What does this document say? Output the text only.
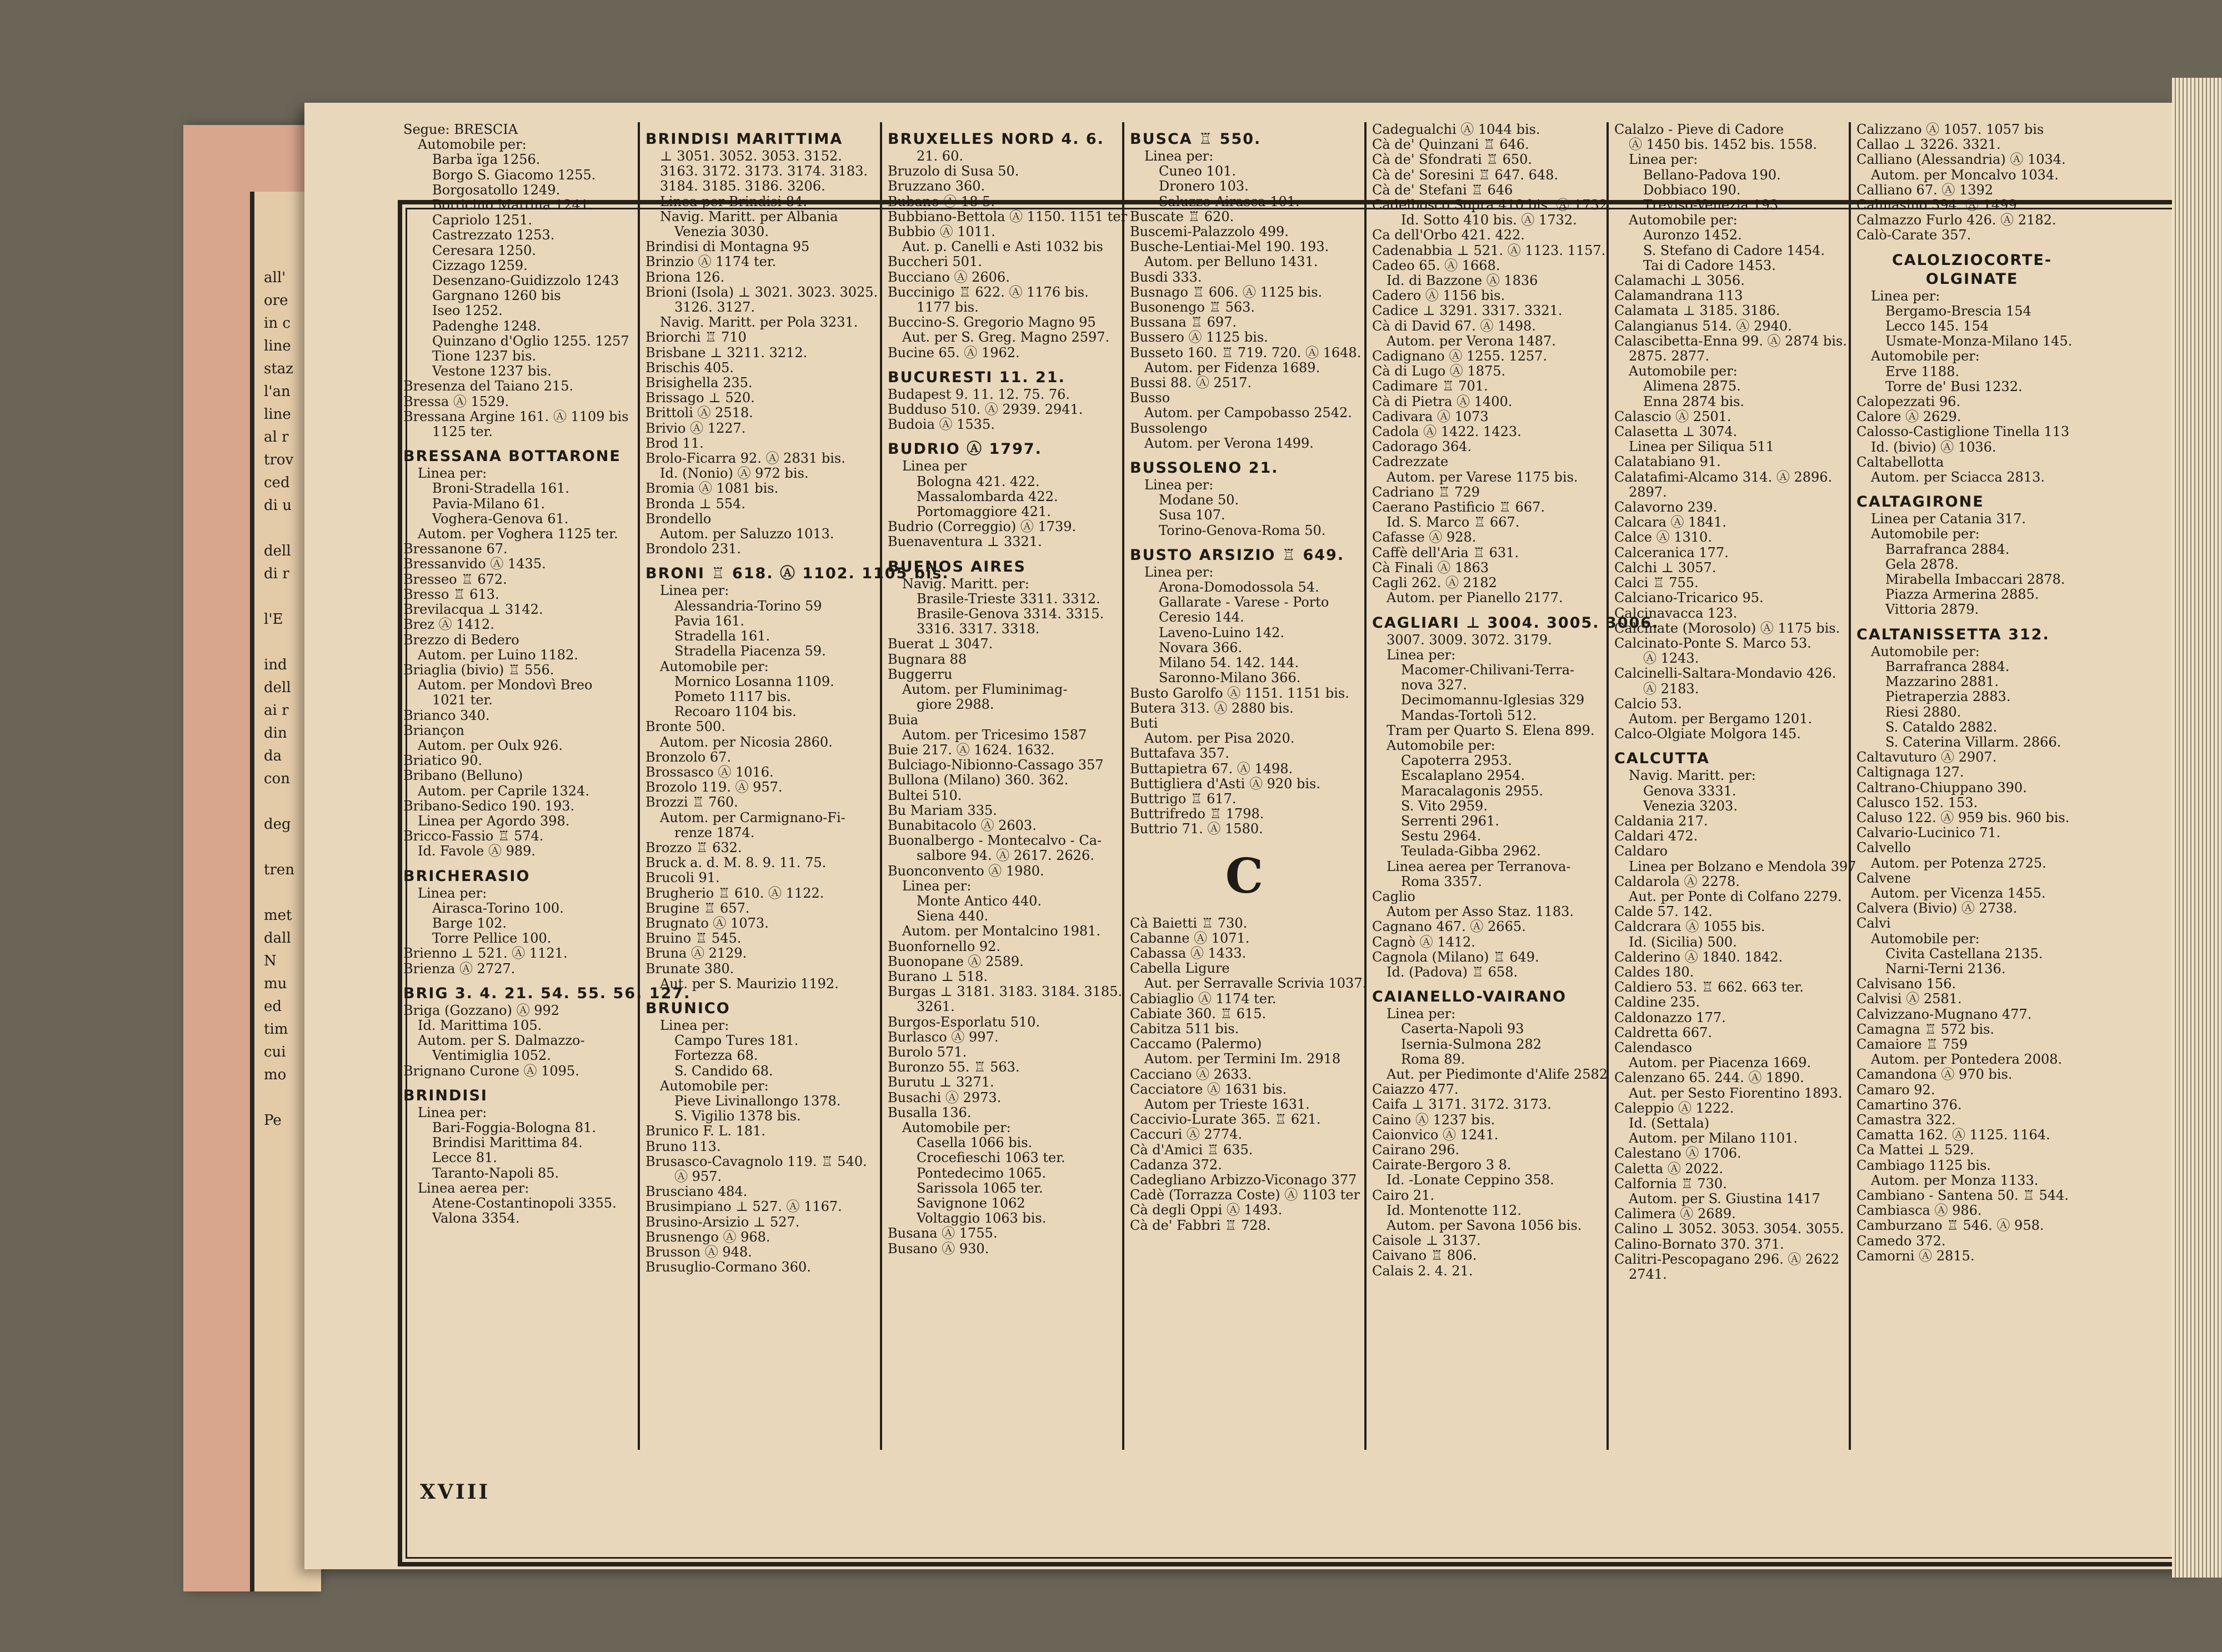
all'
ore
in c
line
staz
l'an
line
al r
trov
ced
di u
dell
di r
l'E
ind
dell
ai r
din
da
con
deg
tren
met
dall
N
mu
ed
tim
cui
mo
Pe
Segue: BRESCIA
Automobile per:
Barba ïga 1256.
Borgo S. Giacomo 1255.
Borgosatollo 1249.
Botticino Mattina 1241.
Capriolo 1251.
Castrezzato 1253.
Ceresara 1250.
Cizzago 1259.
Desenzano-Guidizzolo 1243
Gargnano 1260 bis
Iseo 1252.
Padenghe 1248.
Quinzano d'Oglio 1255. 1257
Tione 1237 bis.
Vestone 1237 bis.
Bresenza del Taiano 215.
Bressa Ⓐ 1529.
Bressana Argine 161. Ⓐ 1109 bis
1125 ter.
BRESSANA BOTTARONE
Linea per:
Broni-Stradella 161.
Pavia-Milano 61.
Voghera-Genova 61.
Autom. per Voghera 1125 ter.
Bressanone 67.
Bressanvido Ⓐ 1435.
Bresseo ♖ 672.
Bresso ♖ 613.
Brevilacqua ⊥ 3142.
Brez Ⓐ 1412.
Brezzo di Bedero
Autom. per Luino 1182.
Briaglia (bivio) ♖ 556.
Autom. per Mondovì Breo
1021 ter.
Brianco 340.
Briançon
Autom. per Oulx 926.
Briatico 90.
Bribano (Belluno)
Autom. per Caprile 1324.
Bribano-Sedico 190. 193.
Linea per Agordo 398.
Bricco-Fassio ♖ 574.
Id. Favole Ⓐ 989.
BRICHERASIO
Linea per:
Airasca-Torino 100.
Barge 102.
Torre Pellice 100.
Brienno ⊥ 521. Ⓐ 1121.
Brienza Ⓐ 2727.
BRIG 3. 4. 21. 54. 55. 56. 127.
Briga (Gozzano) Ⓐ 992
Id. Marittima 105.
Autom. per S. Dalmazzo-
Ventimiglia 1052.
Brignano Curone Ⓐ 1095.
BRINDISI
Linea per:
Bari-Foggia-Bologna 81.
Brindisi Marittima 84.
Lecce 81.
Taranto-Napoli 85.
Linea aerea per:
Atene-Costantinopoli 3355.
Valona 3354.
BRINDISI MARITTIMA
⊥ 3051. 3052. 3053. 3152.
3163. 3172. 3173. 3174. 3183.
3184. 3185. 3186. 3206.
Linea per Brindisi 84.
Navig. Maritt. per Albania
Venezia 3030.
Brindisi di Montagna 95
Brinzio Ⓐ 1174 ter.
Briona 126.
Brioni (Isola) ⊥ 3021. 3023. 3025.
3126. 3127.
Navig. Maritt. per Pola 3231.
Briorchi ♖ 710
Brisbane ⊥ 3211. 3212.
Brischis 405.
Brisighella 235.
Brissago ⊥ 520.
Brittoli Ⓐ 2518.
Brivio Ⓐ 1227.
Brod 11.
Brolo-Ficarra 92. Ⓐ 2831 bis.
Id. (Nonio) Ⓐ 972 bis.
Bromia Ⓐ 1081 bis.
Bronda ⊥ 554.
Brondello
Autom. per Saluzzo 1013.
Brondolo 231.
BRONI ♖ 618. Ⓐ 1102. 1105 bis.
Linea per:
Alessandria-Torino 59
Pavia 161.
Stradella 161.
Stradella Piacenza 59.
Automobile per:
Mornico Losanna 1109.
Pometo 1117 bis.
Recoaro 1104 bis.
Bronte 500.
Autom. per Nicosia 2860.
Bronzolo 67.
Brossasco Ⓐ 1016.
Brozolo 119. Ⓐ 957.
Brozzi ♖ 760.
Autom. per Carmignano-Fi-
renze 1874.
Brozzo ♖ 632.
Bruck a. d. M. 8. 9. 11. 75.
Brucoli 91.
Brugherio ♖ 610. Ⓐ 1122.
Brugine ♖ 657.
Brugnato Ⓐ 1073.
Bruino ♖ 545.
Bruna Ⓐ 2129.
Brunate 380.
Aut. per S. Maurizio 1192.
BRUNICO
Linea per:
Campo Tures 181.
Fortezza 68.
S. Candido 68.
Automobile per:
Pieve Livinallongo 1378.
S. Vigilio 1378 bis.
Brunico F. L. 181.
Bruno 113.
Brusasco-Cavagnolo 119. ♖ 540.
Ⓐ 957.
Brusciano 484.
Brusimpiano ⊥ 527. Ⓐ 1167.
Brusino-Arsizio ⊥ 527.
Brusnengo Ⓐ 968.
Brusson Ⓐ 948.
Brusuglio-Cormano 360.
BRUXELLES NORD 4. 6.
21. 60.
Bruzolo di Susa 50.
Bruzzano 360.
Bubano Ⓐ 18 5.
Bubbiano-Bettola Ⓐ 1150. 1151 ter
Bubbio Ⓐ 1011.
Aut. p. Canelli e Asti 1032 bis
Buccheri 501.
Bucciano Ⓐ 2606.
Buccinigo ♖ 622. Ⓐ 1176 bis.
1177 bis.
Buccino-S. Gregorio Magno 95
Aut. per S. Greg. Magno 2597.
Bucine 65. Ⓐ 1962.
BUCURESTI 11. 21.
Budapest 9. 11. 12. 75. 76.
Budduso 510. Ⓐ 2939. 2941.
Budoia Ⓐ 1535.
BUDRIO Ⓐ 1797.
Linea per
Bologna 421. 422.
Massalombarda 422.
Portomaggiore 421.
Budrio (Correggio) Ⓐ 1739.
Buenaventura ⊥ 3321.
BUENOS AIRES
Navig. Maritt. per:
Brasile-Trieste 3311. 3312.
Brasile-Genova 3314. 3315.
3316. 3317. 3318.
Buerat ⊥ 3047.
Bugnara 88
Buggerru
Autom. per Fluminimag-
giore 2988.
Buia
Autom. per Tricesimo 1587
Buie 217. Ⓐ 1624. 1632.
Bulciago-Nibionno-Cassago 357
Bullona (Milano) 360. 362.
Bultei 510.
Bu Mariam 335.
Bunabitacolo Ⓐ 2603.
Buonalbergo - Montecalvo - Ca-
salbore 94. Ⓐ 2617. 2626.
Buonconvento Ⓐ 1980.
Linea per:
Monte Antico 440.
Siena 440.
Autom. per Montalcino 1981.
Buonfornello 92.
Buonopane Ⓐ 2589.
Burano ⊥ 518.
Burgas ⊥ 3181. 3183. 3184. 3185.
3261.
Burgos-Esporlatu 510.
Burlasco Ⓐ 997.
Burolo 571.
Buronzo 55. ♖ 563.
Burutu ⊥ 3271.
Busachi Ⓐ 2973.
Busalla 136.
Automobile per:
Casella 1066 bis.
Crocefieschi 1063 ter.
Pontedecimo 1065.
Sarissola 1065 ter.
Savignone 1062
Voltaggio 1063 bis.
Busana Ⓐ 1755.
Busano Ⓐ 930.
BUSCA ♖ 550.
Linea per:
Cuneo 101.
Dronero 103.
Saluzzo-Airasca 101.
Buscate ♖ 620.
Buscemi-Palazzolo 499.
Busche-Lentiai-Mel 190. 193.
Autom. per Belluno 1431.
Busdi 333.
Busnago ♖ 606. Ⓐ 1125 bis.
Busonengo ♖ 563.
Bussana ♖ 697.
Bussero Ⓐ 1125 bis.
Busseto 160. ♖ 719. 720. Ⓐ 1648.
Autom. per Fidenza 1689.
Bussi 88. Ⓐ 2517.
Busso
Autom. per Campobasso 2542.
Bussolengo
Autom. per Verona 1499.
BUSSOLENO 21.
Linea per:
Modane 50.
Susa 107.
Torino-Genova-Roma 50.
BUSTO ARSIZIO ♖ 649.
Linea per:
Arona-Domodossola 54.
Gallarate - Varese - Porto
Ceresio 144.
Laveno-Luino 142.
Novara 366.
Milano 54. 142. 144.
Saronno-Milano 366.
Busto Garolfo Ⓐ 1151. 1151 bis.
Butera 313. Ⓐ 2880 bis.
Buti
Autom. per Pisa 2020.
Buttafava 357.
Buttapietra 67. Ⓐ 1498.
Buttigliera d'Asti Ⓐ 920 bis.
Buttrigo ♖ 617.
Buttrifredo ♖ 1798.
Buttrio 71. Ⓐ 1580.
C
Cà Baietti ♖ 730.
Cabanne Ⓐ 1071.
Cabassa Ⓐ 1433.
Cabella Ligure
Aut. per Serravalle Scrivia 1037.
Cabiaglio Ⓐ 1174 ter.
Cabiate 360. ♖ 615.
Cabitza 511 bis.
Caccamo (Palermo)
Autom. per Termini Im. 2918
Cacciano Ⓐ 2633.
Cacciatore Ⓐ 1631 bis.
Autom per Trieste 1631.
Caccivio-Lurate 365. ♖ 621.
Caccuri Ⓐ 2774.
Cà d'Amici ♖ 635.
Cadanza 372.
Cadegliano Arbizzo-Viconago 377
Cadè (Torrazza Coste) Ⓐ 1103 ter
Cà degli Oppi Ⓐ 1493.
Cà de' Fabbri ♖ 728.
Cadegualchi Ⓐ 1044 bis.
Cà de' Quinzani ♖ 646.
Cà de' Sfondrati ♖ 650.
Cà de' Soresini ♖ 647. 648.
Cà de' Stefani ♖ 646
Cadelbosco Sopra 410 bis. Ⓐ 1732.
Id. Sotto 410 bis. Ⓐ 1732.
Ca dell'Orbo 421. 422.
Cadenabbia ⊥ 521. Ⓐ 1123. 1157.
Cadeo 65. Ⓐ 1668.
Id. di Bazzone Ⓐ 1836
Cadero Ⓐ 1156 bis.
Cadice ⊥ 3291. 3317. 3321.
Cà di David 67. Ⓐ 1498.
Autom. per Verona 1487.
Cadignano Ⓐ 1255. 1257.
Cà di Lugo Ⓐ 1875.
Cadimare ♖ 701.
Cà di Pietra Ⓐ 1400.
Cadivara Ⓐ 1073
Cadola Ⓐ 1422. 1423.
Cadorago 364.
Cadrezzate
Autom. per Varese 1175 bis.
Cadriano ♖ 729
Caerano Pastificio ♖ 667.
Id. S. Marco ♖ 667.
Cafasse Ⓐ 928.
Caffè dell'Aria ♖ 631.
Cà Finali Ⓐ 1863
Cagli 262. Ⓐ 2182
Autom. per Pianello 2177.
CAGLIARI ⊥ 3004. 3005. 3006.
3007. 3009. 3072. 3179.
Linea per:
Macomer-Chilivani-Terra-
nova 327.
Decimomannu-Iglesias 329
Mandas-Tortolì 512.
Tram per Quarto S. Elena 899.
Automobile per:
Capoterra 2953.
Escalaplano 2954.
Maracalagonis 2955.
S. Vito 2959.
Serrenti 2961.
Sestu 2964.
Teulada-Gibba 2962.
Linea aerea per Terranova-
Roma 3357.
Caglio
Autom per Asso Staz. 1183.
Cagnano 467. Ⓐ 2665.
Cagnò Ⓐ 1412.
Cagnola (Milano) ♖ 649.
Id. (Padova) ♖ 658.
CAIANELLO-VAIRANO
Linea per:
Caserta-Napoli 93
Isernia-Sulmona 282
Roma 89.
Aut. per Piedimonte d'Alife 2582
Caiazzo 477.
Caifa ⊥ 3171. 3172. 3173.
Caino Ⓐ 1237 bis.
Caionvico Ⓐ 1241.
Cairano 296.
Cairate-Bergoro 3 8.
Id. -Lonate Ceppino 358.
Cairo 21.
Id. Montenotte 112.
Autom. per Savona 1056 bis.
Caisole ⊥ 3137.
Caivano ♖ 806.
Calais 2. 4. 21.
Calalzo - Pieve di Cadore
Ⓐ 1450 bis. 1452 bis. 1558.
Linea per:
Bellano-Padova 190.
Dobbiaco 190.
Treviso-Venezia 193.
Automobile per:
Auronzo 1452.
S. Stefano di Cadore 1454.
Tai di Cadore 1453.
Calamachi ⊥ 3056.
Calamandrana 113
Calamata ⊥ 3185. 3186.
Calangianus 514. Ⓐ 2940.
Calascibetta-Enna 99. Ⓐ 2874 bis.
2875. 2877.
Automobile per:
Alimena 2875.
Enna 2874 bis.
Calascio Ⓐ 2501.
Calasetta ⊥ 3074.
Linea per Siliqua 511
Calatabiano 91.
Calatafimi-Alcamo 314. Ⓐ 2896.
2897.
Calavorno 239.
Calcara Ⓐ 1841.
Calce Ⓐ 1310.
Calceranica 177.
Calchi ⊥ 3057.
Calci ♖ 755.
Calciano-Tricarico 95.
Calcinavacca 123.
Calcinate (Morosolo) Ⓐ 1175 bis.
Calcinato-Ponte S. Marco 53.
Ⓐ 1243.
Calcinelli-Saltara-Mondavio 426.
Ⓐ 2183.
Calcio 53.
Autom. per Bergamo 1201.
Calco-Olgiate Molgora 145.
CALCUTTA
Navig. Maritt. per:
Genova 3331.
Venezia 3203.
Caldania 217.
Caldari 472.
Caldaro
Linea per Bolzano e Mendola 397
Caldarola Ⓐ 2278.
Aut. per Ponte di Colfano 2279.
Calde 57. 142.
Caldcrara Ⓐ 1055 bis.
Id. (Sicilia) 500.
Calderino Ⓐ 1840. 1842.
Caldes 180.
Caldiero 53. ♖ 662. 663 ter.
Caldine 235.
Caldonazzo 177.
Caldretta 667.
Calendasco
Autom. per Piacenza 1669.
Calenzano 65. 244. Ⓐ 1890.
Aut. per Sesto Fiorentino 1893.
Caleppio Ⓐ 1222.
Id. (Settala)
Autom. per Milano 1101.
Calestano Ⓐ 1706.
Caletta Ⓐ 2022.
Calfornia ♖ 730.
Autom. per S. Giustina 1417
Calimera Ⓐ 2689.
Calino ⊥ 3052. 3053. 3054. 3055.
Calino-Bornato 370. 371.
Calitri-Pescopagano 296. Ⓐ 2622
2741.
Calizzano Ⓐ 1057. 1057 bis
Callao ⊥ 3226. 3321.
Calliano (Alessandria) Ⓐ 1034.
Autom. per Moncalvo 1034.
Calliano 67. Ⓐ 1392
Calmasino 394. Ⓐ 1499
Calmazzo Furlo 426. Ⓐ 2182.
Calò-Carate 357.
CALOLZIOCORTE-OLGINATE
Linea per:
Bergamo-Brescia 154
Lecco 145. 154
Usmate-Monza-Milano 145.
Automobile per:
Erve 1188.
Torre de' Busi 1232.
Calopezzati 96.
Calore Ⓐ 2629.
Calosso-Castiglione Tinella 113
Id. (bivio) Ⓐ 1036.
Caltabellotta
Autom. per Sciacca 2813.
CALTAGIRONE
Linea per Catania 317.
Automobile per:
Barrafranca 2884.
Gela 2878.
Mirabella Imbaccari 2878.
Piazza Armerina 2885.
Vittoria 2879.
CALTANISSETTA 312.
Automobile per:
Barrafranca 2884.
Mazzarino 2881.
Pietraperzia 2883.
Riesi 2880.
S. Cataldo 2882.
S. Caterina Villarm. 2866.
Caltavuturo Ⓐ 2907.
Caltignaga 127.
Caltrano-Chiuppano 390.
Calusco 152. 153.
Caluso 122. Ⓐ 959 bis. 960 bis.
Calvario-Lucinico 71.
Calvello
Autom. per Potenza 2725.
Calvene
Autom. per Vicenza 1455.
Calvera (Bivio) Ⓐ 2738.
Calvi
Automobile per:
Civita Castellana 2135.
Narni-Terni 2136.
Calvisano 156.
Calvisi Ⓐ 2581.
Calvizzano-Mugnano 477.
Camagna ♖ 572 bis.
Camaiore ♖ 759
Autom. per Pontedera 2008.
Camandona Ⓐ 970 bis.
Camaro 92.
Camartino 376.
Camastra 322.
Camatta 162. Ⓐ 1125. 1164.
Ca Mattei ⊥ 529.
Cambiago 1125 bis.
Autom. per Monza 1133.
Cambiano - Santena 50. ♖ 544.
Cambiasca Ⓐ 986.
Camburzano ♖ 546. Ⓐ 958.
Camedo 372.
Camorni Ⓐ 2815.
XVIII
